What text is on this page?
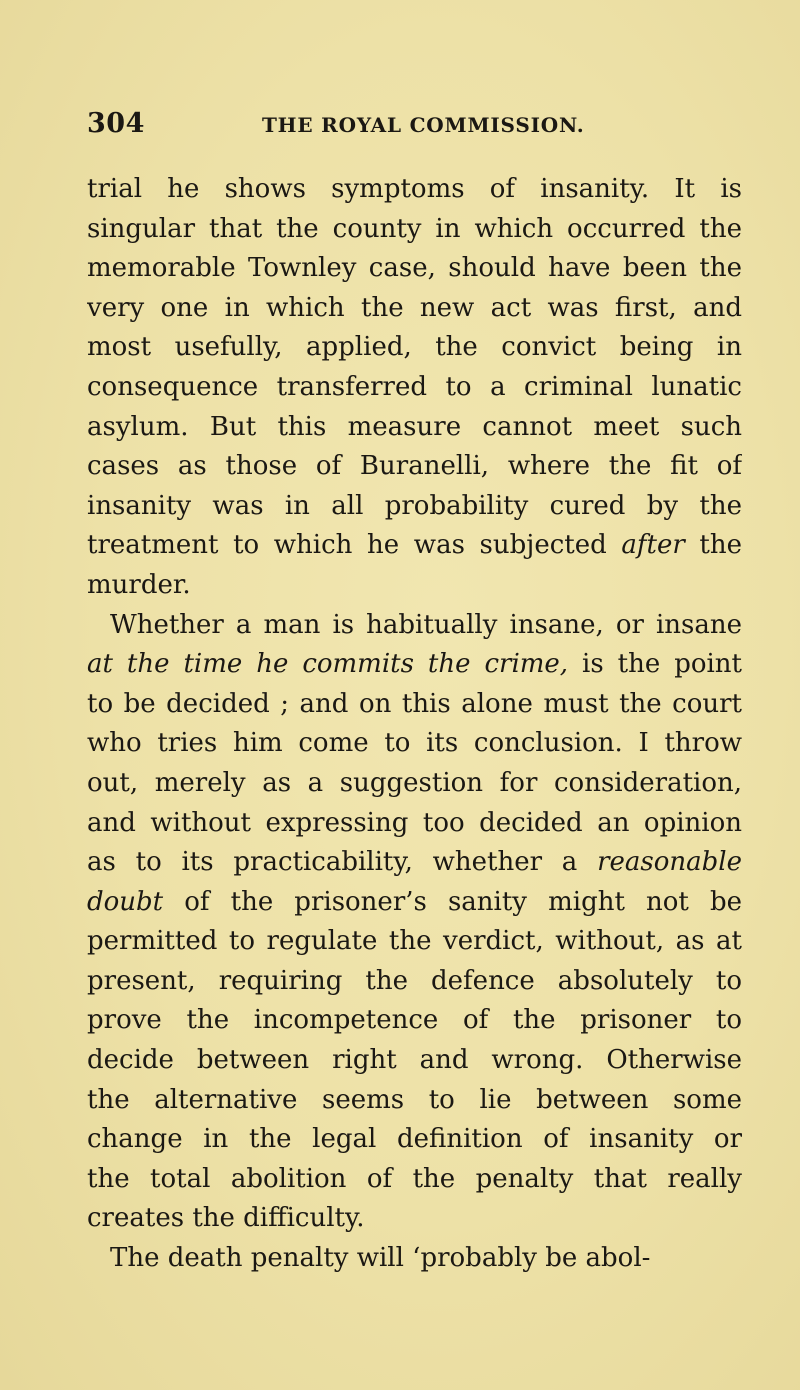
304	THE ROYAL COMMISSION.
trial he shows symptoms of insanity. It is
singular that the county in which occurred the
memorable Townley case, should have been the
very one in which the new act was first, and
most usefully, applied, the convict being in
consequence transferred to a criminal lunatic
asylum. But this measure cannot meet such
cases as those of Buranelli, where the fit of
insanity was in all probability cured by the
treatment to which he was subjected after the
murder.
Whether a man is habitually insane, or insane
at the time he commits the crime, is the point
to be decided ; and on this alone must the court
who tries him come to its conclusion. I throw
out, merely as a suggestion for consideration,
and without expressing too decided an opinion
as to its practicability, whether a reasonable
doubt of the prisoner’s sanity might not be
permitted to regulate the verdict, without, as at
present, requiring the defence absolutely to
prove the incompetence of the prisoner to
decide between right and wrong. Otherwise
the alternative seems to lie between some
change in the legal definition of insanity or
the total abolition of the penalty that really
creates the difficulty.
The death penalty will ‘probably be abol-
